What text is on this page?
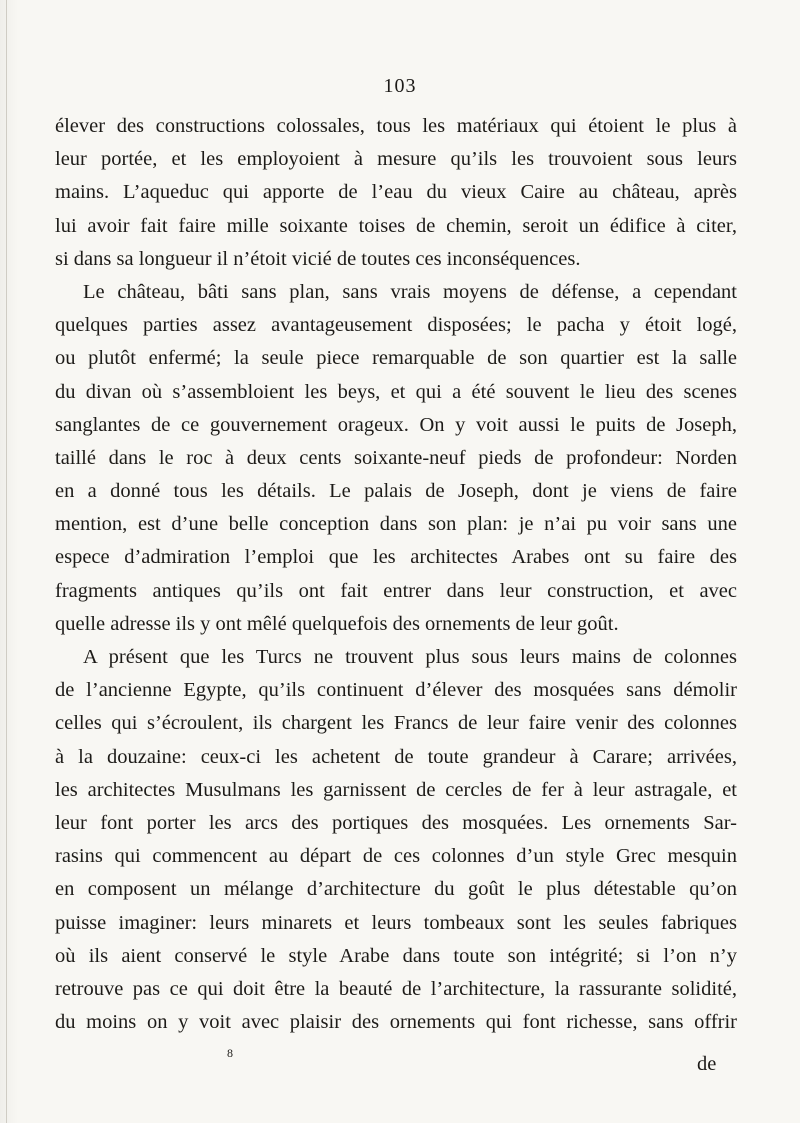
103
élever des constructions colossales, tous les matériaux qui étoient le plus à
leur portée, et les employoient à mesure qu’ils les trouvoient sous leurs
mains. L’aqueduc qui apporte de l’eau du vieux Caire au château, après
lui avoir fait faire mille soixante toises de chemin, seroit un édifice à citer,
si dans sa longueur il n’étoit vicié de toutes ces inconséquences.
Le château, bâti sans plan, sans vrais moyens de défense, a cependant
quelques parties assez avantageusement disposées; le pacha y étoit logé,
ou plutôt enfermé; la seule piece remarquable de son quartier est la salle
du divan où s’assembloient les beys, et qui a été souvent le lieu des scenes
sanglantes de ce gouvernement orageux. On y voit aussi le puits de Joseph,
taillé dans le roc à deux cents soixante-neuf pieds de profondeur: Norden
en a donné tous les détails. Le palais de Joseph, dont je viens de faire
mention, est d’une belle conception dans son plan: je n’ai pu voir sans une
espece d’admiration l’emploi que les architectes Arabes ont su faire des
fragments antiques qu’ils ont fait entrer dans leur construction, et avec
quelle adresse ils y ont mêlé quelquefois des ornements de leur goût.
A présent que les Turcs ne trouvent plus sous leurs mains de colonnes
de l’ancienne Egypte, qu’ils continuent d’élever des mosquées sans démolir
celles qui s’écroulent, ils chargent les Francs de leur faire venir des colonnes
à la douzaine: ceux-ci les achetent de toute grandeur à Carare; arrivées,
les architectes Musulmans les garnissent de cercles de fer à leur astragale, et
leur font porter les arcs des portiques des mosquées. Les ornements Sar-
rasins qui commencent au départ de ces colonnes d’un style Grec mesquin
en composent un mélange d’architecture du goût le plus détestable qu’on
puisse imaginer: leurs minarets et leurs tombeaux sont les seules fabriques
où ils aient conservé le style Arabe dans toute son intégrité; si l’on n’y
retrouve pas ce qui doit être la beauté de l’architecture, la rassurante solidité,
du moins on y voit avec plaisir des ornements qui font richesse, sans offrir
8	de
